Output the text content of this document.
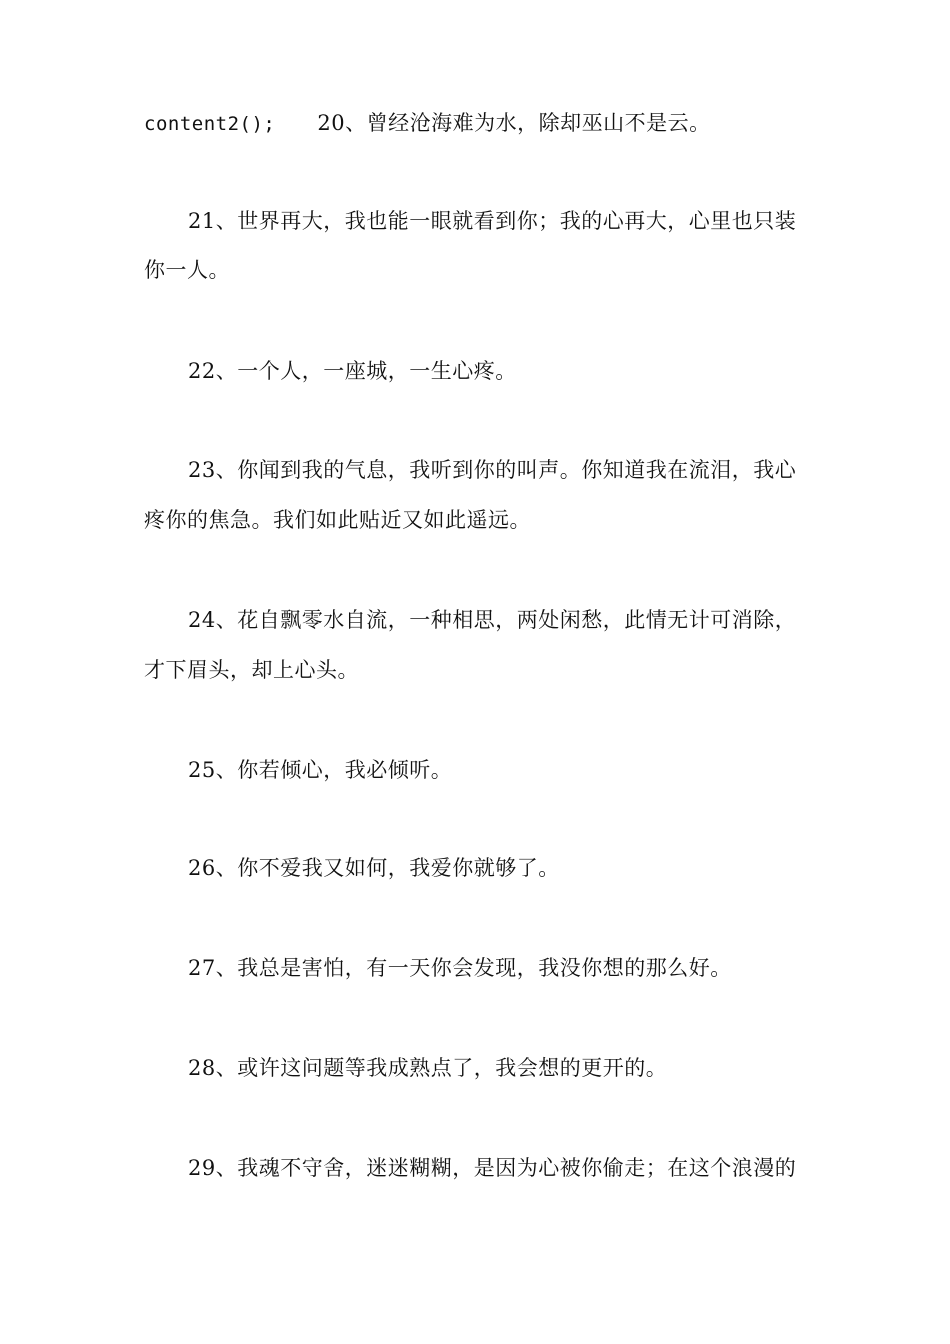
content2(); 20、曾经沧海难为水，除却巫山不是云。
21、世界再大，我也能一眼就看到你；我的心再大，心里也只装
你一人。
22、一个人，一座城，一生心疼。
23、你闻到我的气息，我听到你的叫声。你知道我在流泪，我心
疼你的焦急。我们如此贴近又如此遥远。
24、花自飘零水自流，一种相思，两处闲愁，此情无计可消除，
才下眉头，却上心头。
25、你若倾心，我必倾听。
26、你不爱我又如何，我爱你就够了。
27、我总是害怕，有一天你会发现，我没你想的那么好。
28、或许这问题等我成熟点了，我会想的更开的。
29、我魂不守舍，迷迷糊糊，是因为心被你偷走；在这个浪漫的
